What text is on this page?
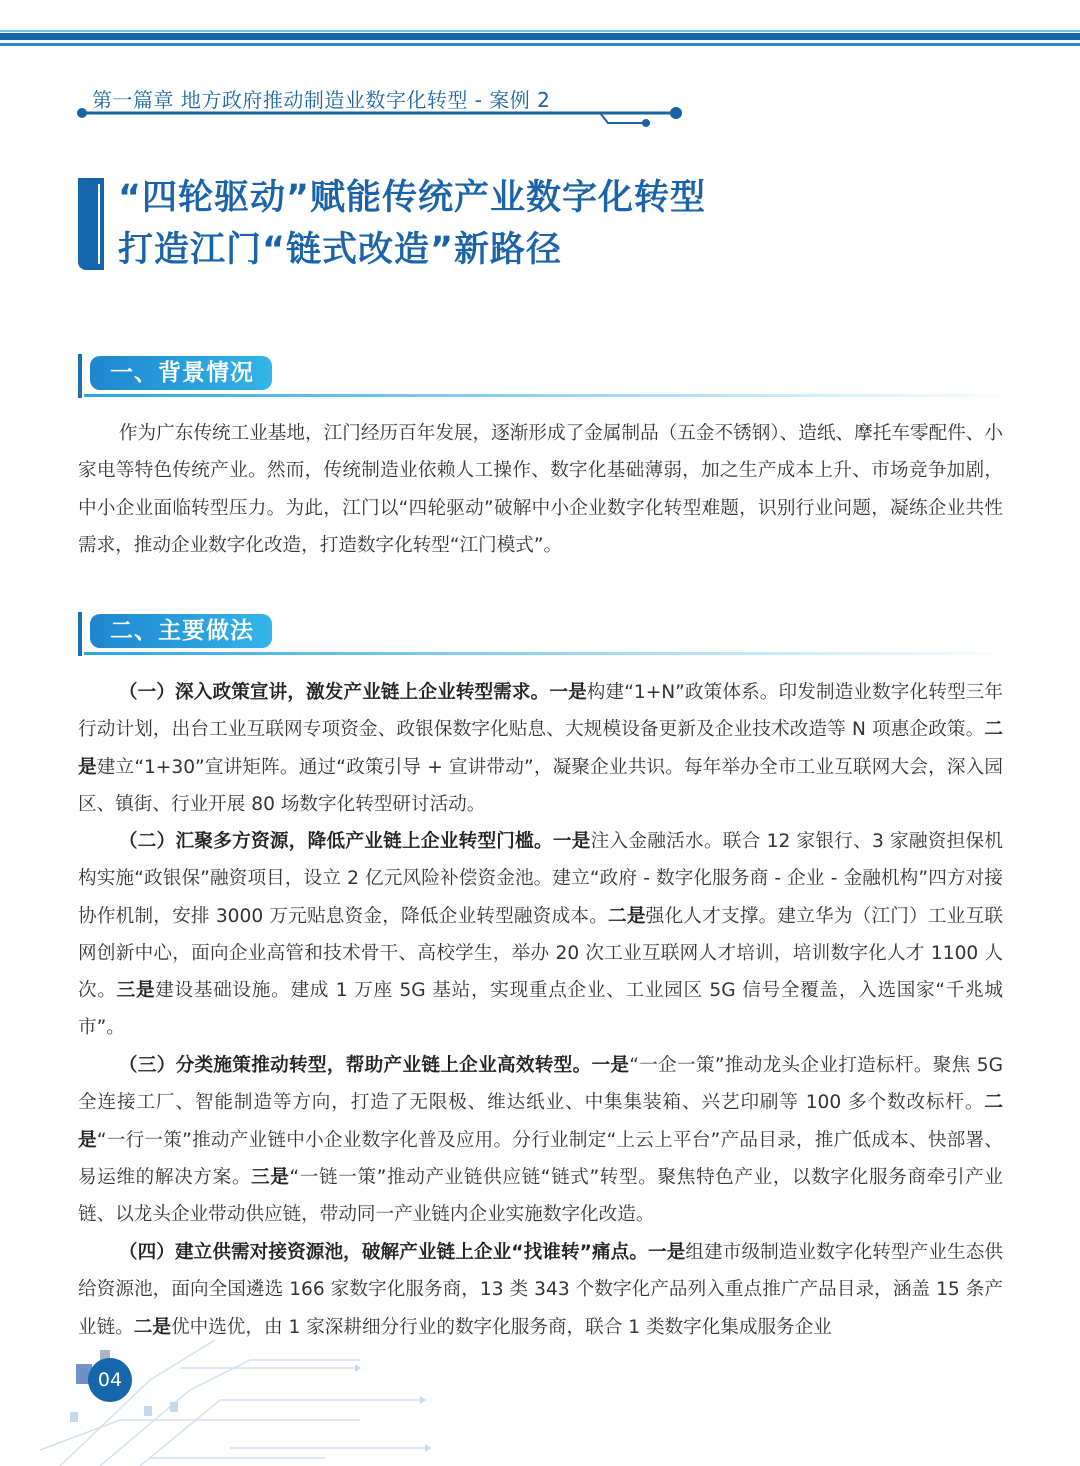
第一篇章 地方政府推动制造业数字化转型 - 案例 2
“四轮驱动”赋能传统产业数字化转型
打造江门“链式改造”新路径
一、背景情况
作为广东传统工业基地，江门经历百年发展，逐渐形成了金属制品（五金不锈钢）、造纸、摩托车零配件、小家电等特色传统产业。然而，传统制造业依赖人工操作、数字化基础薄弱，加之生产成本上升、市场竞争加剧，中小企业面临转型压力。为此，江门以“四轮驱动”破解中小企业数字化转型难题，识别行业问题，凝练企业共性需求，推动企业数字化改造，打造数字化转型“江门模式”。
二、主要做法
（一）深入政策宣讲，激发产业链上企业转型需求。一是构建“1+N”政策体系。印发制造业数字化转型三年行动计划，出台工业互联网专项资金、政银保数字化贴息、大规模设备更新及企业技术改造等 N 项惠企政策。二是建立“1+30”宣讲矩阵。通过“政策引导 + 宣讲带动”，凝聚企业共识。每年举办全市工业互联网大会，深入园区、镇街、行业开展 80 场数字化转型研讨活动。
（二）汇聚多方资源，降低产业链上企业转型门槛。一是注入金融活水。联合 12 家银行、3 家融资担保机构实施“政银保”融资项目，设立 2 亿元风险补偿资金池。建立“政府 - 数字化服务商 - 企业 - 金融机构”四方对接协作机制，安排 3000 万元贴息资金，降低企业转型融资成本。二是强化人才支撑。建立华为（江门）工业互联网创新中心，面向企业高管和技术骨干、高校学生，举办 20 次工业互联网人才培训，培训数字化人才 1100 人次。三是建设基础设施。建成 1 万座 5G 基站，实现重点企业、工业园区 5G 信号全覆盖，入选国家“千兆城市”。
（三）分类施策推动转型，帮助产业链上企业高效转型。一是“一企一策”推动龙头企业打造标杆。聚焦 5G 全连接工厂、智能制造等方向，打造了无限极、维达纸业、中集集装箱、兴艺印刷等 100 多个数改标杆。二是“一行一策”推动产业链中小企业数字化普及应用。分行业制定“上云上平台”产品目录，推广低成本、快部署、易运维的解决方案。三是“一链一策”推动产业链供应链“链式”转型。聚焦特色产业，以数字化服务商牵引产业链、以龙头企业带动供应链，带动同一产业链内企业实施数字化改造。
（四）建立供需对接资源池，破解产业链上企业“找谁转”痛点。一是组建市级制造业数字化转型产业生态供给资源池，面向全国遴选 166 家数字化服务商，13 类 343 个数字化产品列入重点推广产品目录，涵盖 15 条产业链。二是优中选优，由 1 家深耕细分行业的数字化服务商，联合 1 类数字化集成服务企业
04
